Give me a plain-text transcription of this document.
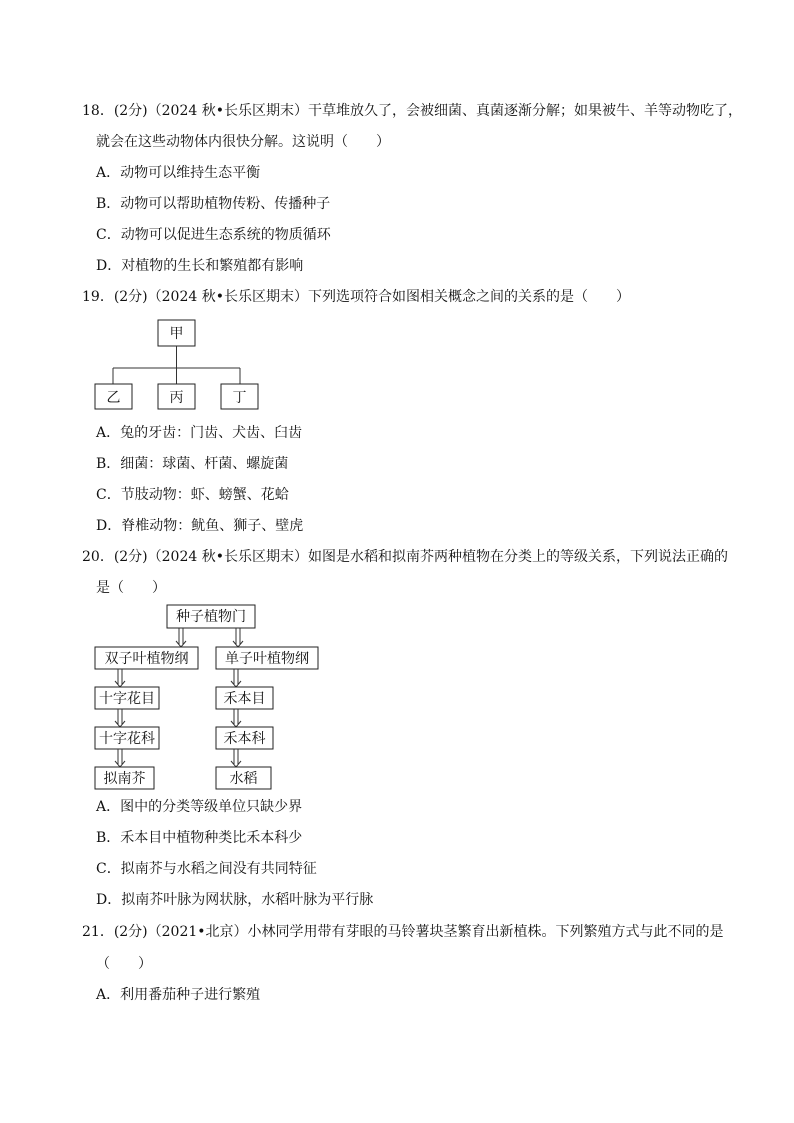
18．(2分)（2024 秋•长乐区期末）干草堆放久了，会被细菌、真菌逐渐分解；如果被牛、羊等动物吃了，
就会在这些动物体内很快分解。这说明（　　）
A．动物可以维持生态平衡
B．动物可以帮助植物传粉、传播种子
C．动物可以促进生态系统的物质循环
D．对植物的生长和繁殖都有影响
19．(2分)（2024 秋•长乐区期末）下列选项符合如图相关概念之间的关系的是（　　）
甲
乙	丙	丁
种子植物门
双子叶植物纲
十字花目
十字花科
拟南芥
单子叶植物纲
禾本目
禾本科
水稻
A．兔的牙齿：门齿、犬齿、臼齿
B．细菌：球菌、杆菌、螺旋菌
C．节肢动物：虾、螃蟹、花蛤
D．脊椎动物：鱿鱼、狮子、壁虎
20．(2分)（2024 秋•长乐区期末）如图是水稻和拟南芥两种植物在分类上的等级关系，下列说法正确的
是（　　）
A．图中的分类等级单位只缺少界
B．禾本目中植物种类比禾本科少
C．拟南芥与水稻之间没有共同特征
D．拟南芥叶脉为网状脉，水稻叶脉为平行脉
21．(2分)（2021•北京）小林同学用带有芽眼的马铃薯块茎繁育出新植株。下列繁殖方式与此不同的是
（　　）
A．利用番茄种子进行繁殖
